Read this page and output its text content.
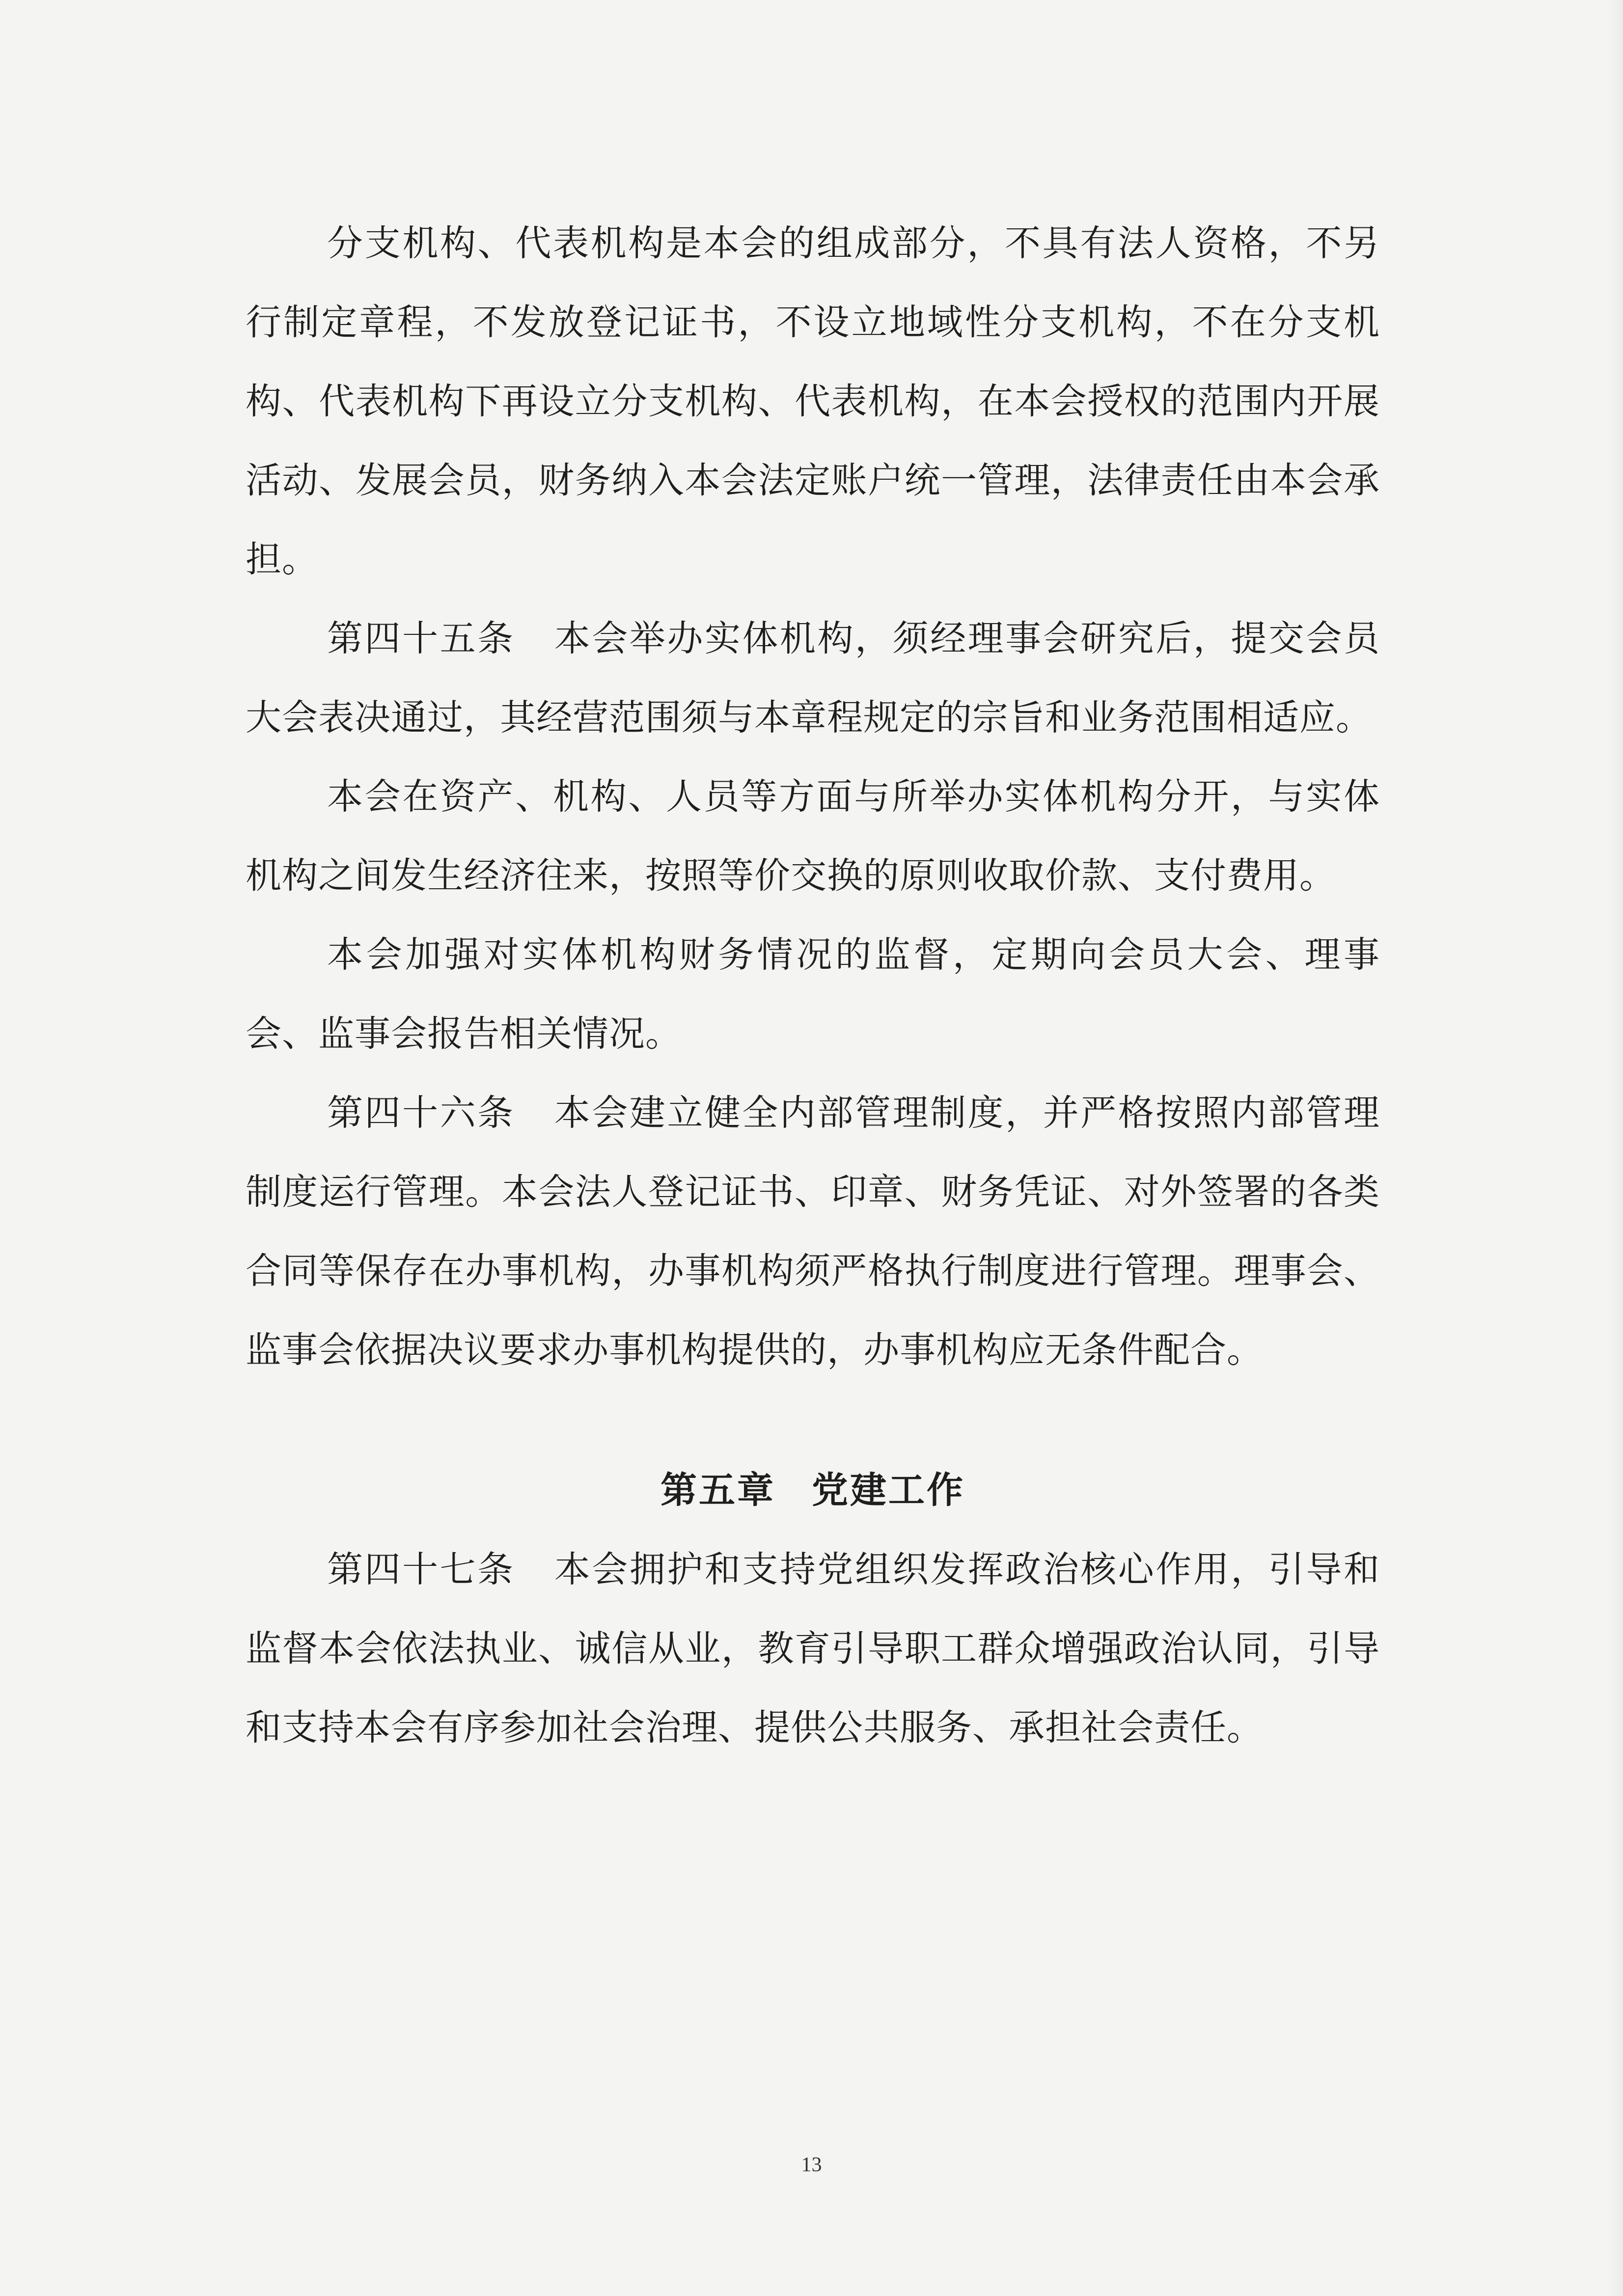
分支机构、代表机构是本会的组成部分，不具有法人资格，不另行制定章程，不发放登记证书，不设立地域性分支机构，不在分支机构、代表机构下再设立分支机构、代表机构，在本会授权的范围内开展活动、发展会员，财务纳入本会法定账户统一管理，法律责任由本会承担。

第四十五条 本会举办实体机构，须经理事会研究后，提交会员大会表决通过，其经营范围须与本章程规定的宗旨和业务范围相适应。

本会在资产、机构、人员等方面与所举办实体机构分开，与实体机构之间发生经济往来，按照等价交换的原则收取价款、支付费用。

本会加强对实体机构财务情况的监督，定期向会员大会、理事会、监事会报告相关情况。

第四十六条 本会建立健全内部管理制度，并严格按照内部管理制度运行管理。本会法人登记证书、印章、财务凭证、对外签署的各类合同等保存在办事机构，办事机构须严格执行制度进行管理。理事会、监事会依据决议要求办事机构提供的，办事机构应无条件配合。

第五章 党建工作

第四十七条 本会拥护和支持党组织发挥政治核心作用，引导和监督本会依法执业、诚信从业，教育引导职工群众增强政治认同，引导和支持本会有序参加社会治理、提供公共服务、承担社会责任。

13
